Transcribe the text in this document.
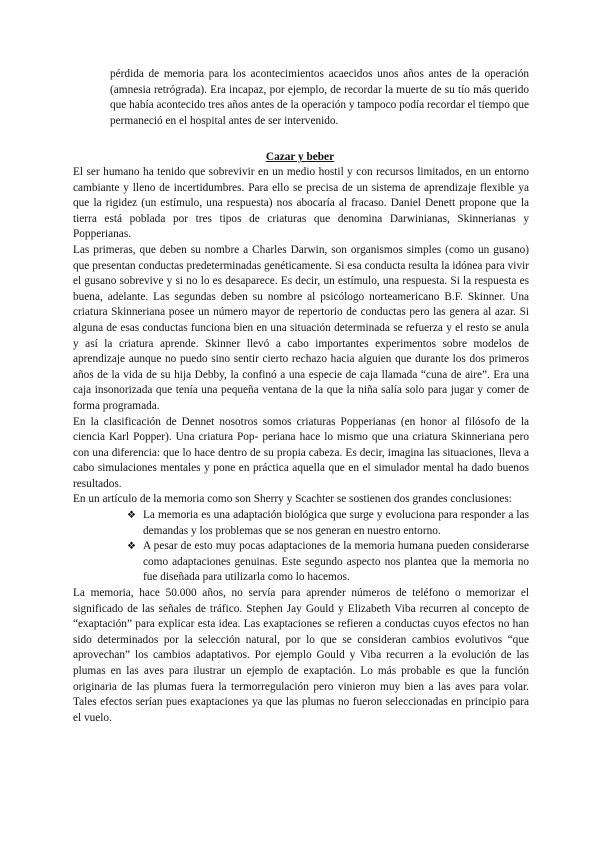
pérdida de memoria para los acontecimientos acaecidos unos años antes de la operación (amnesia retrógrada). Era incapaz, por ejemplo, de recordar la muerte de su tío más querido que había acontecido tres años antes de la operación y tampoco podía recordar el tiempo que permaneció en el hospital antes de ser intervenido.

Cazar y beber

El ser humano ha tenido que sobrevivir en un medio hostil y con recursos limitados, en un entorno cambiante y lleno de incertidumbres. Para ello se precisa de un sistema de aprendizaje flexible ya que la rigidez (un estímulo, una respuesta) nos abocaría al fracaso. Daniel Denett propone que la tierra está poblada por tres tipos de criaturas que denomina Darwinianas, Skinnerianas y Popperianas.

Las primeras, que deben su nombre a Charles Darwin, son organismos simples (como un gusano) que presentan conductas predeterminadas genéticamente. Si esa conducta resulta la idónea para vivir el gusano sobrevive y si no lo es desaparece. Es decir, un estímulo, una respuesta. Si la respuesta es buena, adelante. Las segundas deben su nombre al psicólogo norteamericano B.F. Skinner. Una criatura Skinneriana posee un número mayor de repertorio de conductas pero las genera al azar. Si alguna de esas conductas funciona bien en una situación determinada se refuerza y el resto se anula y así la criatura aprende. Skinner llevó a cabo importantes experimentos sobre modelos de aprendizaje aunque no puedo sino sentir cierto rechazo hacia alguien que durante los dos primeros años de la vida de su hija Debby, la confinó a una especie de caja llamada “cuna de aire”. Era una caja insonorizada que tenía una pequeña ventana de la que la niña salía solo para jugar y comer de forma programada.

En la clasificación de Dennet nosotros somos criaturas Popperianas (en honor al filósofo de la ciencia Karl Popper). Una criatura Pop- periana hace lo mismo que una criatura Skinneriana pero con una diferencia: que lo hace dentro de su propia cabeza. Es decir, imagina las situaciones, lleva a cabo simulaciones mentales y pone en práctica aquella que en el simulador mental ha dado buenos resultados.

En un artículo de la memoria como son Sherry y Scachter se sostienen dos grandes conclusiones:

❖ La memoria es una adaptación biológica que surge y evoluciona para responder a las demandas y los problemas que se nos generan en nuestro entorno.

❖ A pesar de esto muy pocas adaptaciones de la memoria humana pueden considerarse como adaptaciones genuinas. Este segundo aspecto nos plantea que la memoria no fue diseñada para utilizarla como lo hacemos.

La memoria, hace 50.000 años, no servía para aprender números de teléfono o memorizar el significado de las señales de tráfico. Stephen Jay Gould y Elizabeth Viba recurren al concepto de “exaptación” para explicar esta idea. Las exaptaciones se refieren a conductas cuyos efectos no han sido determinados por la selección natural, por lo que se consideran cambios evolutivos “que aprovechan” los cambios adaptativos. Por ejemplo Gould y Viba recurren a la evolución de las plumas en las aves para ilustrar un ejemplo de exaptación. Lo más probable es que la función originaria de las plumas fuera la termorregulación pero vinieron muy bien a las aves para volar. Tales efectos serían pues exaptaciones ya que las plumas no fueron seleccionadas en principio para el vuelo.
